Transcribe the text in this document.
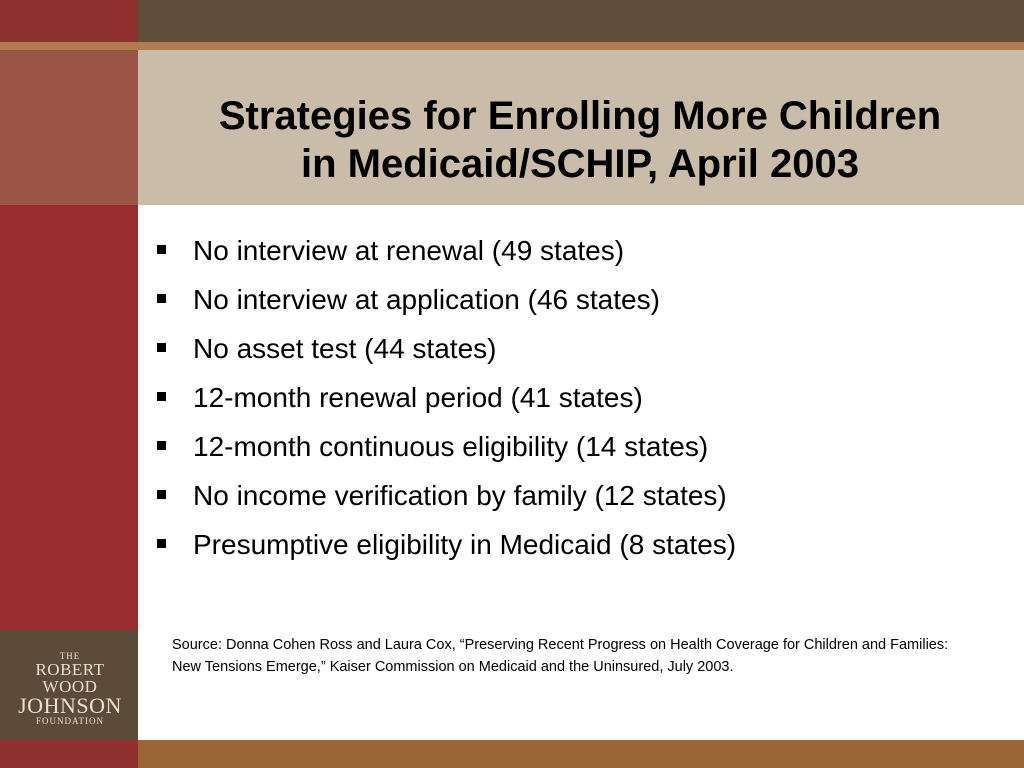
Strategies for Enrolling More Children
in Medicaid/SCHIP, April 2003
No interview at renewal (49 states)
No interview at application (46 states)
No asset test (44 states)
12-month renewal period (41 states)
12-month continuous eligibility (14 states)
No income verification by family (12 states)
Presumptive eligibility in Medicaid (8 states)
Source: Donna Cohen Ross and Laura Cox, “Preserving Recent Progress on Health Coverage for Children and Families: New Tensions Emerge,” Kaiser Commission on Medicaid and the Uninsured, July 2003.
THE
ROBERT WOOD
JOHNSON
FOUNDATION
